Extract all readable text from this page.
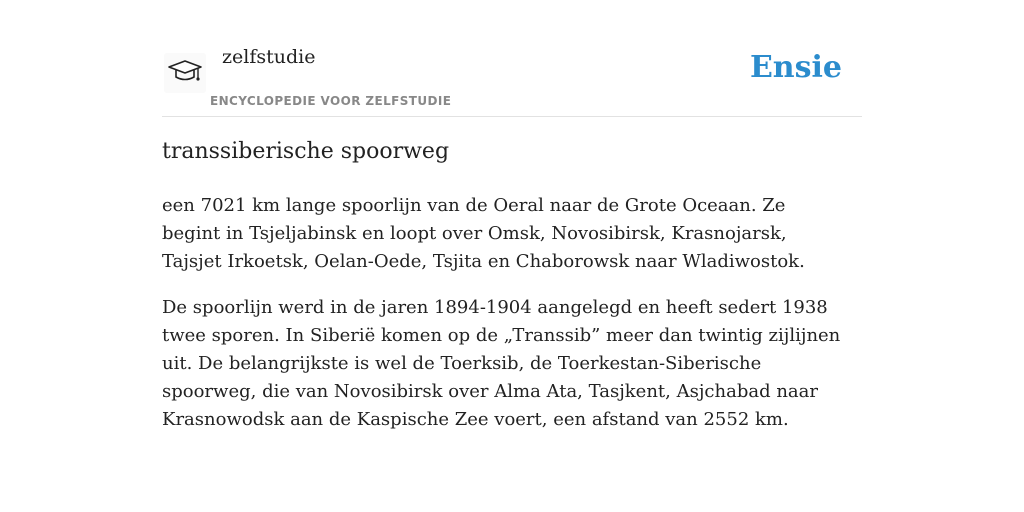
zelfstudie
ENCYCLOPEDIE VOOR ZELFSTUDIE
Ensie
transsiberische spoorweg

een 7021 km lange spoorlijn van de Oeral naar de Grote Oceaan. Ze begint in Tsjeljabinsk en loopt over Omsk, Novosibirsk, Krasnojarsk, Tajsjet Irkoetsk, Oelan-Oede, Tsjita en Chaborowsk naar Wladiwostok.

De spoorlijn werd in de jaren 1894-1904 aangelegd en heeft sedert 1938 twee sporen. In Siberië komen op de „Transsib” meer dan twintig zijlijnen uit. De belangrijkste is wel de Toerksib, de Toerkestan-Siberische spoorweg, die van Novosibirsk over Alma Ata, Tasjkent, Asjchabad naar Krasnowodsk aan de Kaspische Zee voert, een afstand van 2552 km.
